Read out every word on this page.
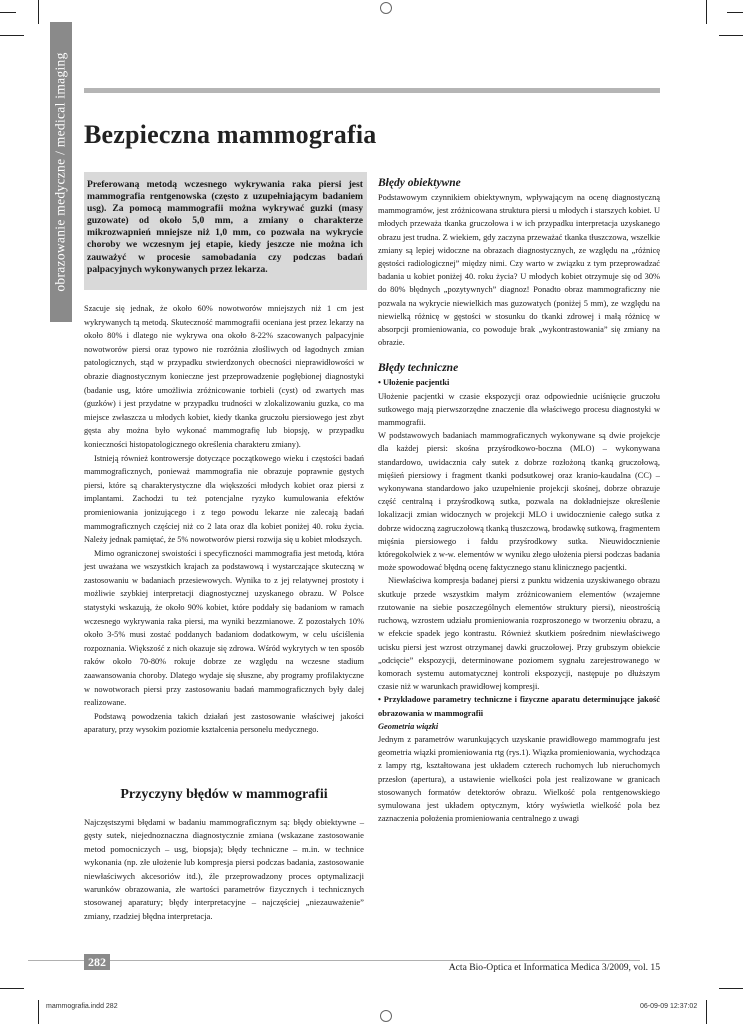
obrazowanie medyczne / medical imaging Bezpieczna mammografia
Preferowaną metodą wczesnego wykrywania raka piersi jest mammografia rentgenowska (często z uzupełniającym badaniem usg). Za pomocą mammografii można wykrywać guzki (masy guzowate) od około 5,0 mm, a zmiany o charakterze mikrozwapnień mniejsze niż 1,0 mm, co pozwala na wykrycie choroby we wczesnym jej etapie, kiedy jeszcze nie można ich zauważyć w procesie samobadania czy podczas badań palpacyjnych wykonywanych przez lekarza.

Szacuje się jednak, że około 60% nowotworów mniejszych niż 1 cm jest wykrywanych tą metodą. Skuteczność mammografii oceniana jest przez lekarzy na około 80% i dlatego nie wykrywa ona około 8-22% szacowanych palpacyjnie nowotworów piersi oraz typowo nie rozróżnia złośliwych od łagodnych zmian patologicznych, stąd w przypadku stwierdzonych obecności nieprawidłowości w obrazie diagnostycznym konieczne jest przeprowadzenie pogłębionej diagnostyki (badanie usg, które umożliwia zróżnicowanie torbieli (cyst) od zwartych mas (guzków) i jest przydatne w przypadku trudności w zlokalizowaniu guzka, co ma miejsce zwłaszcza u młodych kobiet, kiedy tkanka gruczołu piersiowego jest zbyt gęsta aby można było wykonać mammografię lub biopsję, w przypadku konieczności histopatologicznego określenia charakteru zmiany).

Istnieją również kontrowersje dotyczące początkowego wieku i częstości badań mammograficznych, ponieważ mammografia nie obrazuje poprawnie gęstych piersi, które są charakterystyczne dla większości młodych kobiet oraz piersi z implantami. Zachodzi tu też potencjalne ryzyko kumulowania efektów promieniowania jonizującego i z tego powodu lekarze nie zalecają badań mammograficznych częściej niż co 2 lata oraz dla kobiet poniżej 40. roku życia. Należy jednak pamiętać, że 5% nowotworów piersi rozwija się u kobiet młodszych.

Mimo ograniczonej swoistości i specyficzności mammografia jest metodą, która jest uważana we wszystkich krajach za podstawową i wystarczające skuteczną w zastosowaniu w badaniach przesiewowych. Wynika to z jej relatywnej prostoty i możliwie szybkiej interpretacji diagnostycznej uzyskanego obrazu. W Polsce statystyki wskazują, że około 90% kobiet, które poddały się badaniom w ramach wczesnego wykrywania raka piersi, ma wyniki bezzmianowe. Z pozostałych 10% około 3-5% musi zostać poddanych badaniom dodatkowym, w celu uściślenia rozpoznania. Większość z nich okazuje się zdrowa. Wśród wykrytych w ten sposób raków około 70-80% rokuje dobrze ze względu na wczesne stadium zaawansowania choroby. Dlatego wydaje się słuszne, aby programy profilaktyczne w nowotworach piersi przy zastosowaniu badań mammograficznych były dalej realizowane.

Podstawą powodzenia takich działań jest zastosowanie właściwej jakości aparatury, przy wysokim poziomie kształcenia personelu medycznego.

Przyczyny błędów w mammografii
Najczęstszymi błędami w badaniu mammograficznym są: błędy obiektywne – gęsty sutek, niejednoznaczna diagnostycznie zmiana (wskazane zastosowanie metod pomocniczych – usg, biopsja); błędy techniczne – m.in. w technice wykonania (np. złe ułożenie lub kompresja piersi podczas badania, zastosowanie niewłaściwych akcesoriów itd.), źle przeprowadzony proces optymalizacji warunków obrazowania, złe wartości parametrów fizycznych i technicznych stosowanej aparatury; błędy interpretacyjne – najczęściej „niezauważenie” zmiany, rzadziej błędna interpretacja.
Błędy obiektywne

Podstawowym czynnikiem obiektywnym, wpływającym na ocenę diagnostyczną mammogramów, jest zróżnicowana struktura piersi u młodych i starszych kobiet. U młodych przeważa tkanka gruczołowa i w ich przypadku interpretacja uzyskanego obrazu jest trudna. Z wiekiem, gdy zaczyna przeważać tkanka tłuszczowa, wszelkie zmiany są lepiej widoczne na obrazach diagnostycznych, ze względu na „różnicę gęstości radiologicznej” między nimi. Czy warto w związku z tym przeprowadzać badania u kobiet poniżej 40. roku życia? U młodych kobiet otrzymuje się od 30% do 80% błędnych „pozytywnych” diagnoz! Ponadto obraz mammograficzny nie pozwala na wykrycie niewielkich mas guzowatych (poniżej 5 mm), ze względu na niewielką różnicę w gęstości w stosunku do tkanki zdrowej i małą różnicę w absorpcji promieniowania, co powoduje brak „wykontrastowania” się zmiany na obrazie.

Błędy techniczne

• Ułożenie pacjentki

Ułożenie pacjentki w czasie ekspozycji oraz odpowiednie uciśnięcie gruczołu sutkowego mają pierwszorzędne znaczenie dla właściwego procesu diagnostyki w mammografii.

W podstawowych badaniach mammograficznych wykonywane są dwie projekcje dla każdej piersi: skośna przyśrodkowo-boczna (MLO) – wykonywana standardowo, uwidacznia cały sutek z dobrze rozłożoną tkanką gruczołową, mięśień piersiowy i fragment tkanki podsutkowej oraz kranio-kaudalna (CC) – wykonywana standardowo jako uzupełnienie projekcji skośnej, dobrze obrazuje część centralną i przyśrodkową sutka, pozwala na dokładniejsze określenie lokalizacji zmian widocznych w projekcji MLO i uwidocznienie całego sutka z dobrze widoczną zagruczołową tkanką tłuszczową, brodawkę sutkową, fragmentem mięśnia piersiowego i fałdu przyśrodkowy sutka. Nieuwidocznienie któregokolwiek z w-w. elementów w wyniku złego ułożenia piersi podczas badania może spowodować błędną ocenę faktycznego stanu klinicznego pacjentki.

Niewłaściwa kompresja badanej piersi z punktu widzenia uzyskiwanego obrazu skutkuje przede wszystkim małym zróżnicowaniem elementów (wzajemne rzutowanie na siebie poszczególnych elementów struktury piersi), nieostrością ruchową, wzrostem udziału promieniowania rozproszonego w tworzeniu obrazu, a w efekcie spadek jego kontrastu. Również skutkiem pośrednim niewłaściwego ucisku piersi jest wzrost otrzymanej dawki gruczołowej. Przy grubszym obiekcie „odcięcie” ekspozycji, determinowane poziomem sygnału zarejestrowanego w komorach systemu automatycznej kontroli ekspozycji, następuje po dłuższym czasie niż w warunkach prawidłowej kompresji.

• Przykładowe parametry techniczne i fizyczne aparatu determinujące jakość obrazowania w mammografii

Geometria wiązki

Jednym z parametrów warunkujących uzyskanie prawidłowego mammografu jest geometria wiązki promieniowania rtg (rys.1). Wiązka promieniowania, wychodząca z lampy rtg, kształtowana jest układem czterech ruchomych lub nieruchomych przesłon (apertura), a ustawienie wielkości pola jest realizowane w granicach stosowanych formatów detektorów obrazu. Wielkość pola rentgenowskiego symulowana jest układem optycznym, który wyświetla wielkość pola bez zaznaczenia położenia promieniowania centralnego z uwagi

282	Acta Bio-Optica et Informatica Medica 3/2009, vol. 15
mammografia.indd 282	06-09-09 12:37:02
